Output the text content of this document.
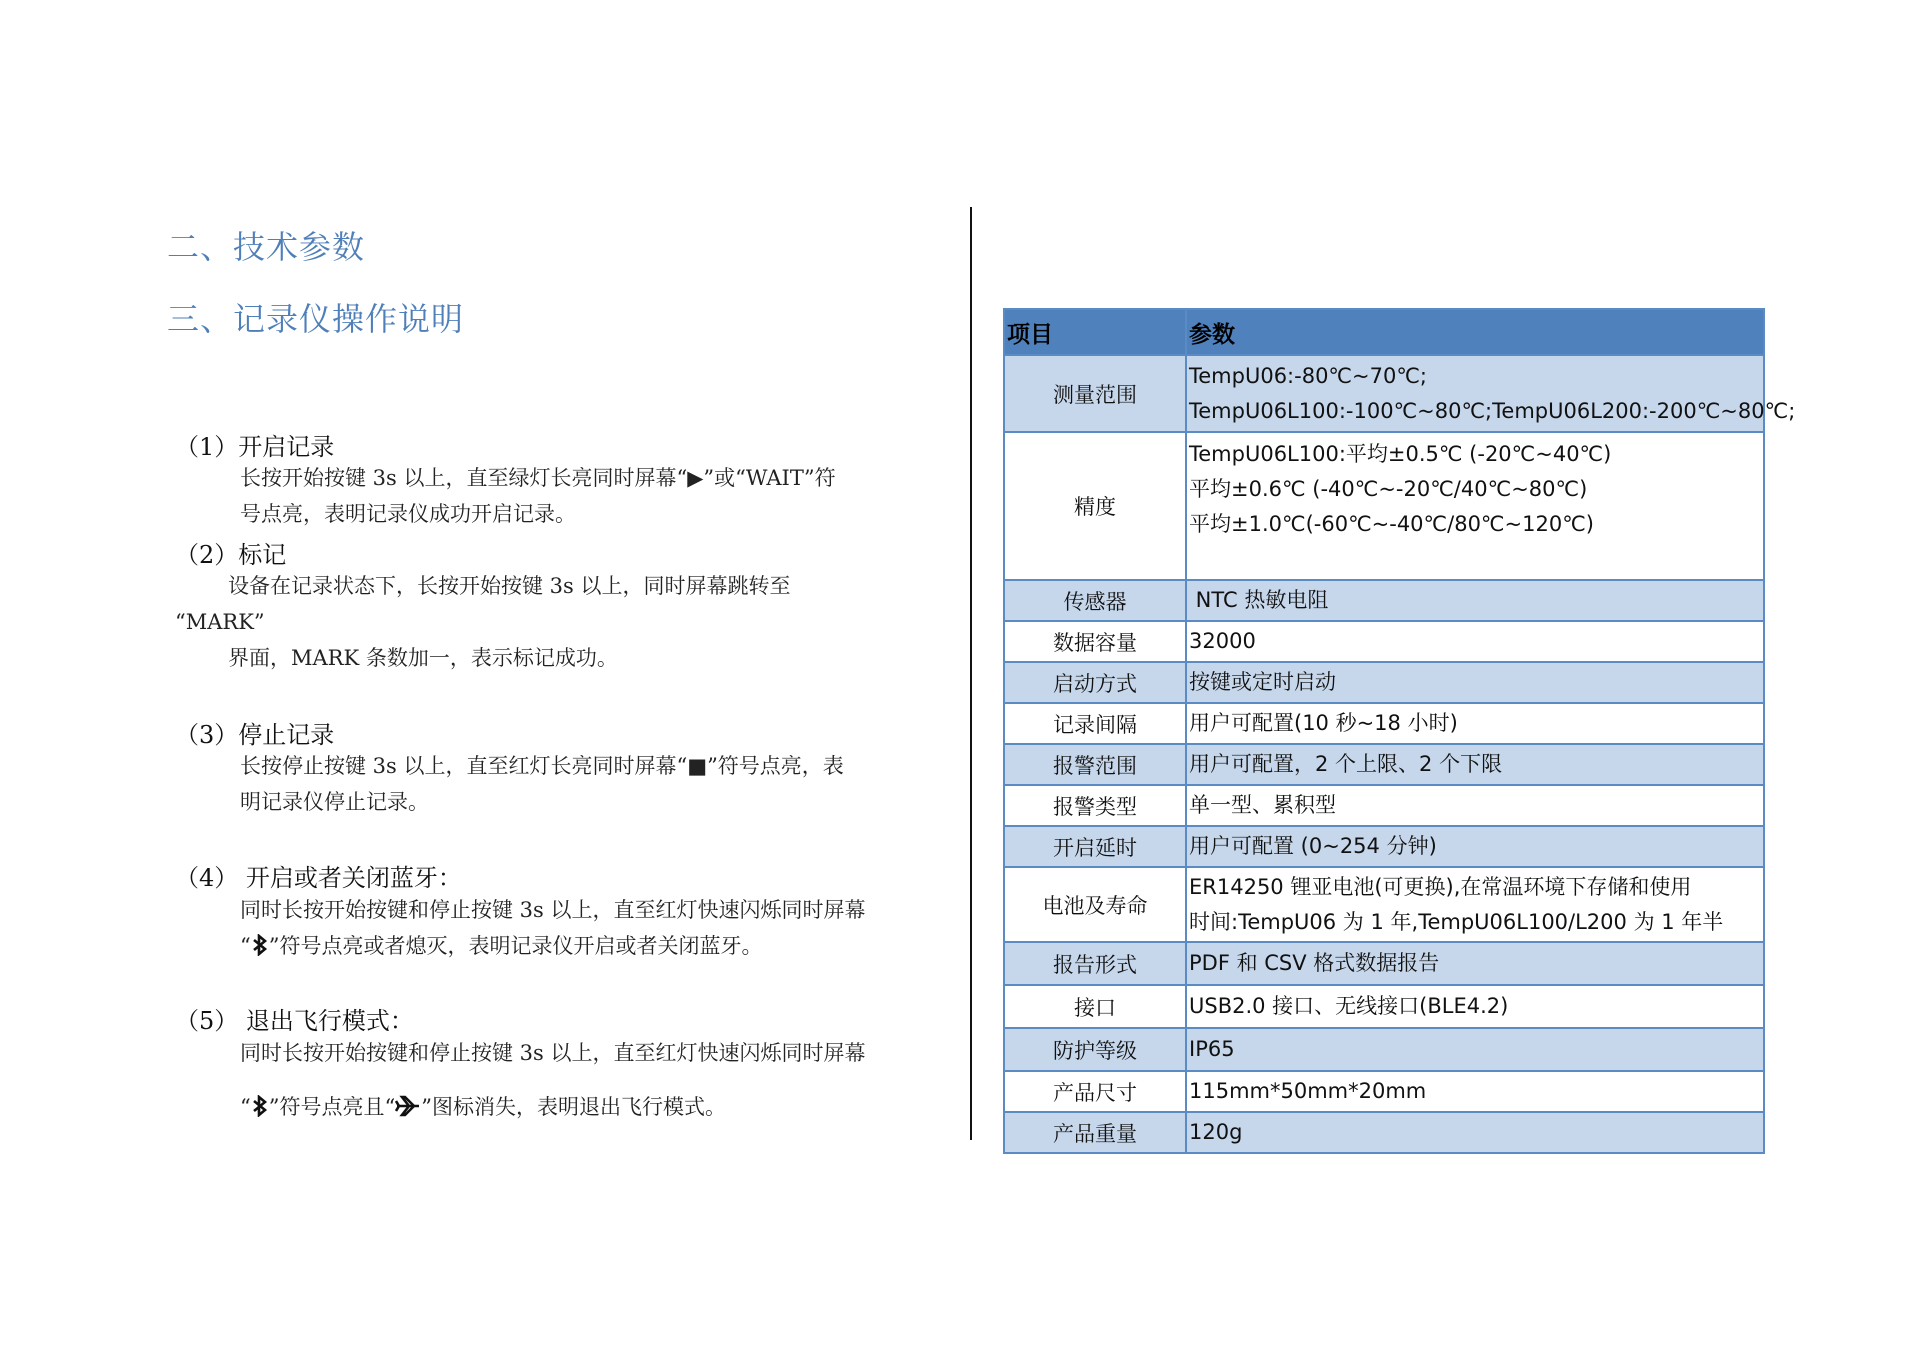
二、技术参数
三、记录仪操作说明

（1）开启记录

长按开始按键 3s 以上，直至绿灯长亮同时屏幕“▶”或“WAIT”符

号点亮，表明记录仪成功开启记录。

（2）标记

设备在记录状态下，长按开始按键 3s 以上，同时屏幕跳转至

“MARK”

界面，MARK 条数加一，表示标记成功。

（3）停止记录

长按停止按键 3s 以上，直至红灯长亮同时屏幕“■”符号点亮，表

明记录仪停止记录。

（4） 开启或者关闭蓝牙：

同时长按开始按键和停止按键 3s 以上，直至红灯快速闪烁同时屏幕

“ ”符号点亮或者熄灭，表明记录仪开启或者关闭蓝牙。

（5） 退出飞行模式：

同时长按开始按键和停止按键 3s 以上，直至红灯快速闪烁同时屏幕

“ ”符号点亮且“ ”图标消失，表明退出飞行模式。

项目	参数
测量范围	TempU06:-80℃~70℃;
TempU06L100:-100℃~80℃;TempU06L200:-200℃~80℃;

精度	TempU06L100:平均±0.5℃ (-20℃~40℃)
平均±0.6℃ (-40℃~-20℃/40℃~80℃)
平均±1.0℃(-60℃~-40℃/80℃~120℃)

传感器	NTC 热敏电阻

数据容量	32000

启动方式	按键或定时启动

记录间隔	用户可配置(10 秒~18 小时)

报警范围	用户可配置，2 个上限、2 个下限

报警类型	单一型、累积型

开启延时	用户可配置 (0~254 分钟)

电池及寿命	ER14250 锂亚电池(可更换),在常温环境下存储和使用
时间:TempU06 为 1 年,TempU06L100/L200 为 1 年半

报告形式	PDF 和 CSV 格式数据报告

接口	USB2.0 接口、无线接口(BLE4.2)

防护等级	IP65

产品尺寸	115mm*50mm*20mm

产品重量	120g
